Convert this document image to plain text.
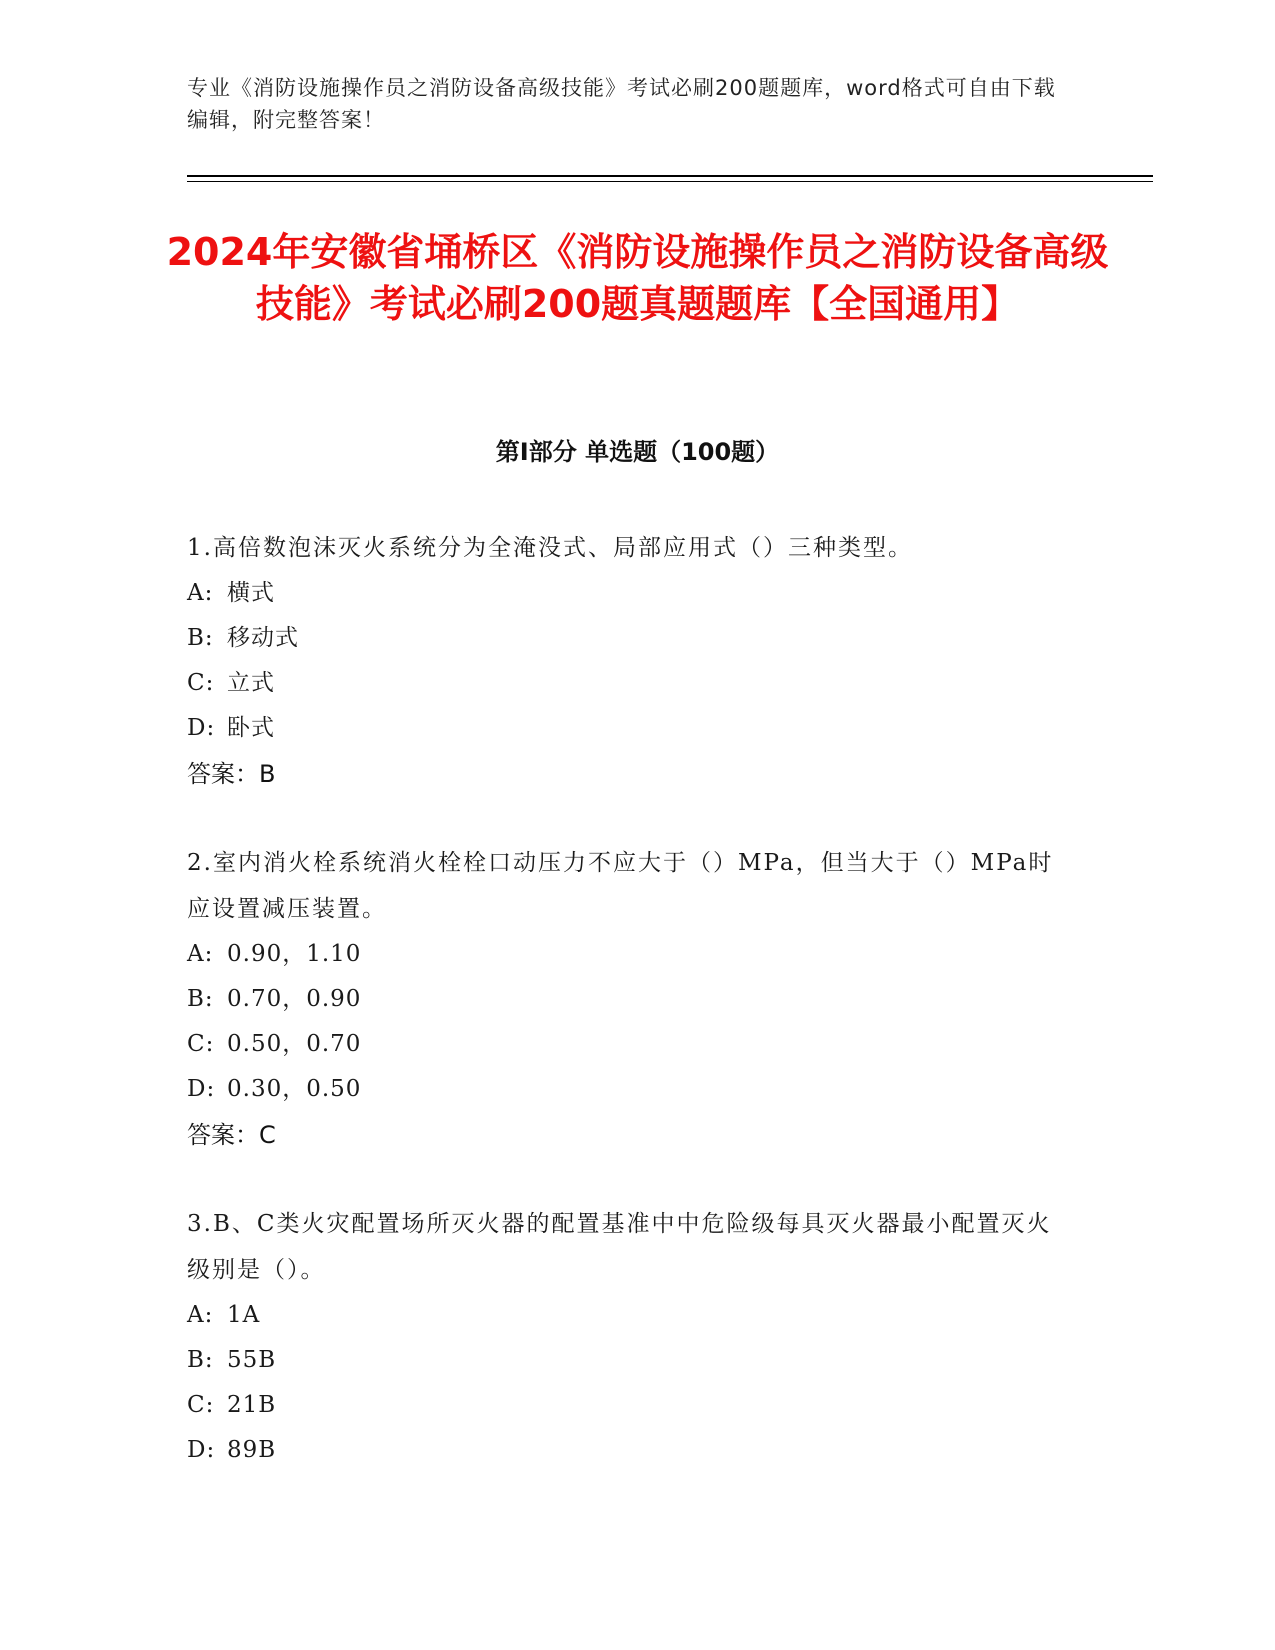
专业《消防设施操作员之消防设备高级技能》考试必刷200题题库，word格式可自由下载编辑，附完整答案！
2024年安徽省埇桥区《消防设施操作员之消防设备高级技能》考试必刷200题真题题库【全国通用】
第I部分 单选题（100题）
1.高倍数泡沫灭火系统分为全淹没式、局部应用式（）三种类型。
A: 横式
B: 移动式
C: 立式
D: 卧式
答案：B
2.室内消火栓系统消火栓栓口动压力不应大于（）MPa，但当大于（）MPa时应设置减压装置。
A: 0.90，1.10
B: 0.70，0.90
C: 0.50，0.70
D: 0.30，0.50
答案：C
3.B、C类火灾配置场所灭火器的配置基准中中危险级每具灭火器最小配置灭火级别是（）。
A: 1A
B: 55B
C: 21B
D: 89B
